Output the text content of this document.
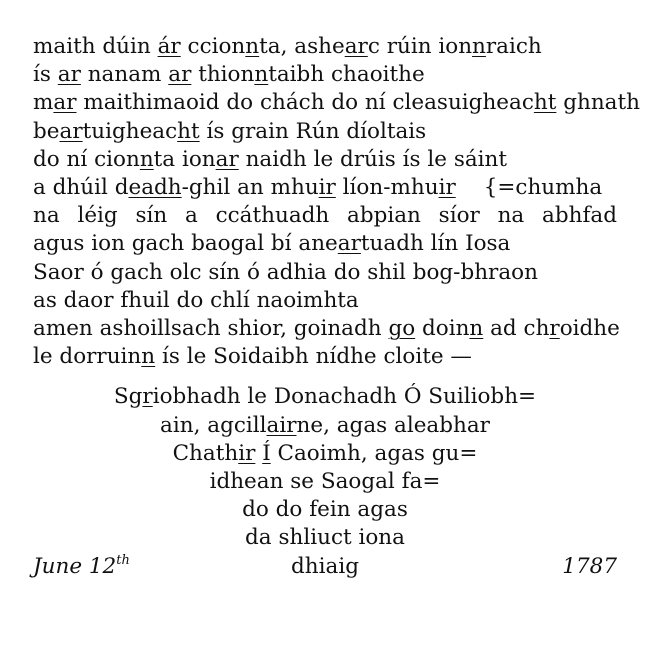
maith dúin ár ccionnta, ashearc rúin ionnraich
ís ar nanam ar thionntaibh chaoithe
mar maithimaoid do chách do ní cleasuigheacht ghnath
beartuigheacht ís grain Rún díoltais
do ní cionnta ionar naidh le drúis ís le sáint
a dhúil deadh-ghil an mhuir líon-mhuir {=chumha
na léig sín a ccáthuadh abpian síor na abhfad
agus ion gach baogal bí aneartuadh lín Iosa
Saor ó gach olc sín ó adhia do shil bog-bhraon
as daor fhuil do chlí naoimhta
amen ashoillsach shior, goinadh go doinn ad chroidhe
le dorruinn ís le Soidaibh nídhe cloite —
Sgriobhadh le Donachadh Ó Suiliobh=
ain, agcillairne, agas aleabhar
Chathir Í Caoimh, agas gu=
idhean se Saogal fa=
do do fein agas
da shliuct iona
June 12th	dhiaig	1787
